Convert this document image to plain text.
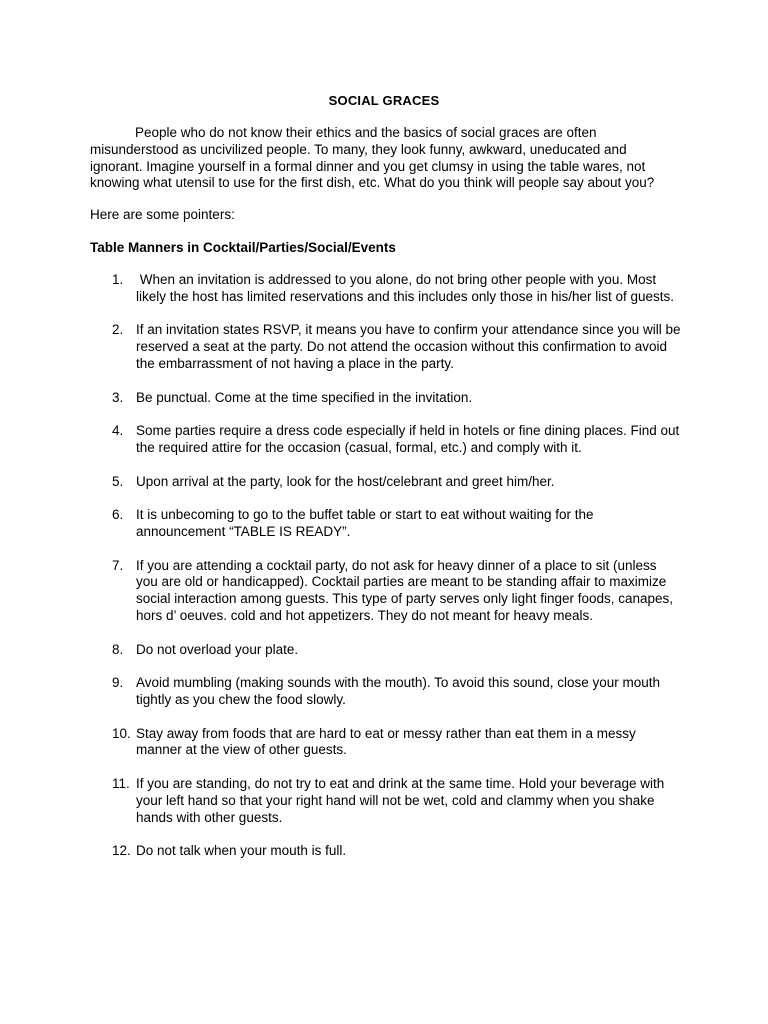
SOCIAL GRACES

People who do not know their ethics and the basics of social graces are often misunderstood as uncivilized people. To many, they look funny, awkward, uneducated and ignorant. Imagine yourself in a formal dinner and you get clumsy in using the table wares, not knowing what utensil to use for the first dish, etc. What do you think will people say about you?

Here are some pointers:

Table Manners in Cocktail/Parties/Social/Events

1. When an invitation is addressed to you alone, do not bring other people with you. Most likely the host has limited reservations and this includes only those in his/her list of guests.
2. If an invitation states RSVP, it means you have to confirm your attendance since you will be reserved a seat at the party. Do not attend the occasion without this confirmation to avoid the embarrassment of not having a place in the party.
3. Be punctual. Come at the time specified in the invitation.
4. Some parties require a dress code especially if held in hotels or fine dining places. Find out the required attire for the occasion (casual, formal, etc.) and comply with it.
5. Upon arrival at the party, look for the host/celebrant and greet him/her.
6. It is unbecoming to go to the buffet table or start to eat without waiting for the announcement “TABLE IS READY”.
7. If you are attending a cocktail party, do not ask for heavy dinner of a place to sit (unless you are old or handicapped). Cocktail parties are meant to be standing affair to maximize social interaction among guests. This type of party serves only light finger foods, canapes, hors d’ oeuves. cold and hot appetizers. They do not meant for heavy meals.
8. Do not overload your plate.
9. Avoid mumbling (making sounds with the mouth). To avoid this sound, close your mouth tightly as you chew the food slowly.
10. Stay away from foods that are hard to eat or messy rather than eat them in a messy manner at the view of other guests.
11. If you are standing, do not try to eat and drink at the same time. Hold your beverage with your left hand so that your right hand will not be wet, cold and clammy when you shake hands with other guests.
12. Do not talk when your mouth is full.
